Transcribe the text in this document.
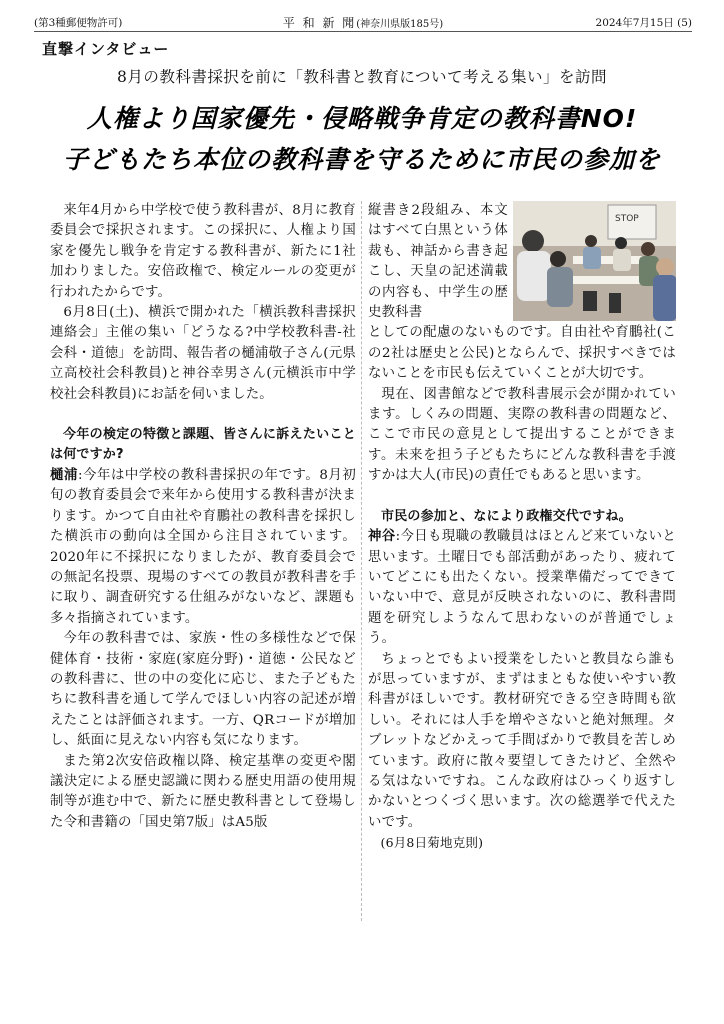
(第3種郵便物許可)	平 和 新 聞(神奈川県版185号)	2024年7月15日 (5)
直撃インタビュー
8月の教科書採択を前に「教科書と教育について考える集い」を訪問
人権より国家優先・侵略戦争肯定の教科書NO!
子どもたち本位の教科書を守るために市民の参加を

来年4月から中学校で使う教科書が、8月に教育委員会で採択されます。この採択に、人権より国家を優先し戦争を肯定する教科書が、新たに1社加わりました。安倍政権で、検定ルールの変更が行われたからです。

6月8日(土)、横浜で開かれた「横浜教科書採択連絡会」主催の集い「どうなる?中学校教科書-社会科・道徳」を訪問、報告者の樋浦敬子さん(元県立高校社会科教員)と神谷幸男さん(元横浜市中学校社会科教員)にお話を伺いました。

今年の検定の特徴と課題、皆さんに訴えたいことは何ですか?

樋浦:今年は中学校の教科書採択の年です。8月初旬の教育委員会で来年から使用する教科書が決まります。かつて自由社や育鵬社の教科書を採択した横浜市の動向は全国から注目されています。2020年に不採択になりましたが、教育委員会での無記名投票、現場のすべての教員が教科書を手に取り、調査研究する仕組みがないなど、課題も多々指摘されています。

今年の教科書では、家族・性の多様性などで保健体育・技術・家庭(家庭分野)・道徳・公民などの教科書に、世の中の変化に応じ、また子どもたちに教科書を通して学んでほしい内容の記述が増えたことは評価されます。一方、QRコードが増加し、紙面に見えない内容も気になります。

また第2次安倍政権以降、検定基準の変更や閣議決定による歴史認識に関わる歴史用語の使用規制等が進む中で、新たに歴史教科書として登場した令和書籍の「国史第7版」はA5版

STOP

縦書き2段組み、本文はすべて白黒という体裁も、神話から書き起こし、天皇の記述満載の内容も、中学生の歴史教科書

としての配慮のないものです。自由社や育鵬社(この2社は歴史と公民)とならんで、採択すべきではないことを市民も伝えていくことが大切です。

現在、図書館などで教科書展示会が開かれています。しくみの問題、実際の教科書の問題など、ここで市民の意見として提出することができます。未来を担う子どもたちにどんな教科書を手渡すかは大人(市民)の責任でもあると思います。

市民の参加と、なにより政権交代ですね。

神谷:今日も現職の教職員はほとんど来ていないと思います。土曜日でも部活動があったり、疲れていてどこにも出たくない。授業準備だってできていない中で、意見が反映されないのに、教科書問題を研究しようなんて思わないのが普通でしょう。

ちょっとでもよい授業をしたいと教員なら誰もが思っていますが、まずはまともな使いやすい教科書がほしいです。教材研究できる空き時間も欲しい。それには人手を増やさないと絶対無理。タブレットなどかえって手間ばかりで教員を苦しめています。政府に散々要望してきたけど、全然やる気はないですね。こんな政府はひっくり返すしかないとつくづく思います。次の総選挙で代えたいです。

(6月8日菊地克則)
